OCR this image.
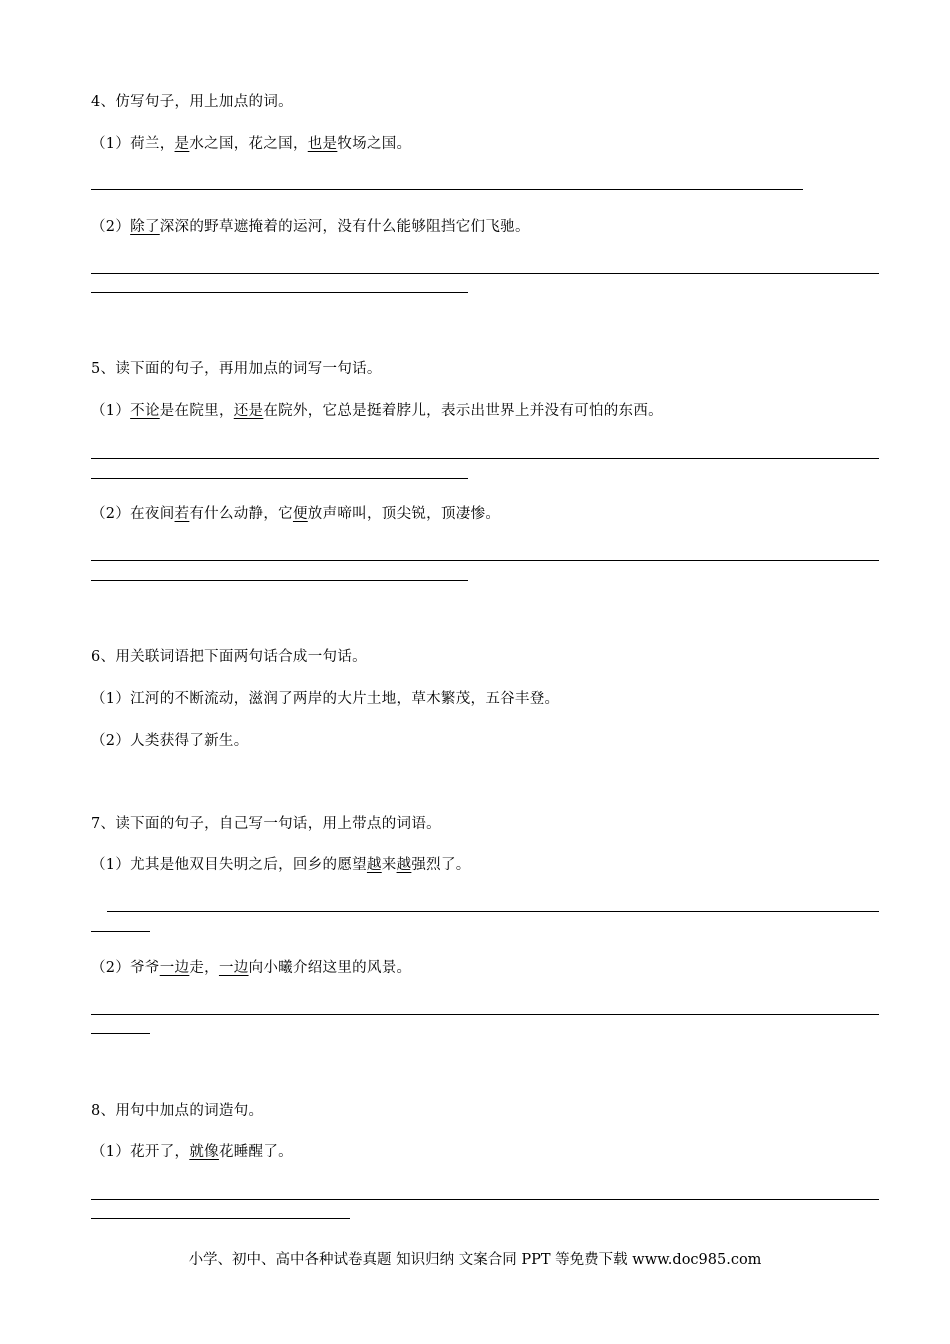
4、仿写句子，用上加点的词。
（1）荷兰，是水之国，花之国，也是牧场之国。
（2）除了深深的野草遮掩着的运河，没有什么能够阻挡它们飞驰。
5、读下面的句子，再用加点的词写一句话。
（1）不论是在院里，还是在院外，它总是挺着脖儿，表示出世界上并没有可怕的东西。
（2）在夜间若有什么动静，它便放声啼叫，顶尖锐，顶凄惨。
6、用关联词语把下面两句话合成一句话。
（1）江河的不断流动，滋润了两岸的大片土地，草木繁茂，五谷丰登。
（2）人类获得了新生。
7、读下面的句子，自己写一句话，用上带点的词语。
（1）尤其是他双目失明之后，回乡的愿望越来越强烈了。
（2）爷爷一边走，一边向小曦介绍这里的风景。
8、用句中加点的词造句。
（1）花开了，就像花睡醒了。
小学、初中、高中各种试卷真题 知识归纳 文案合同 PPT 等免费下载 www.doc985.com
